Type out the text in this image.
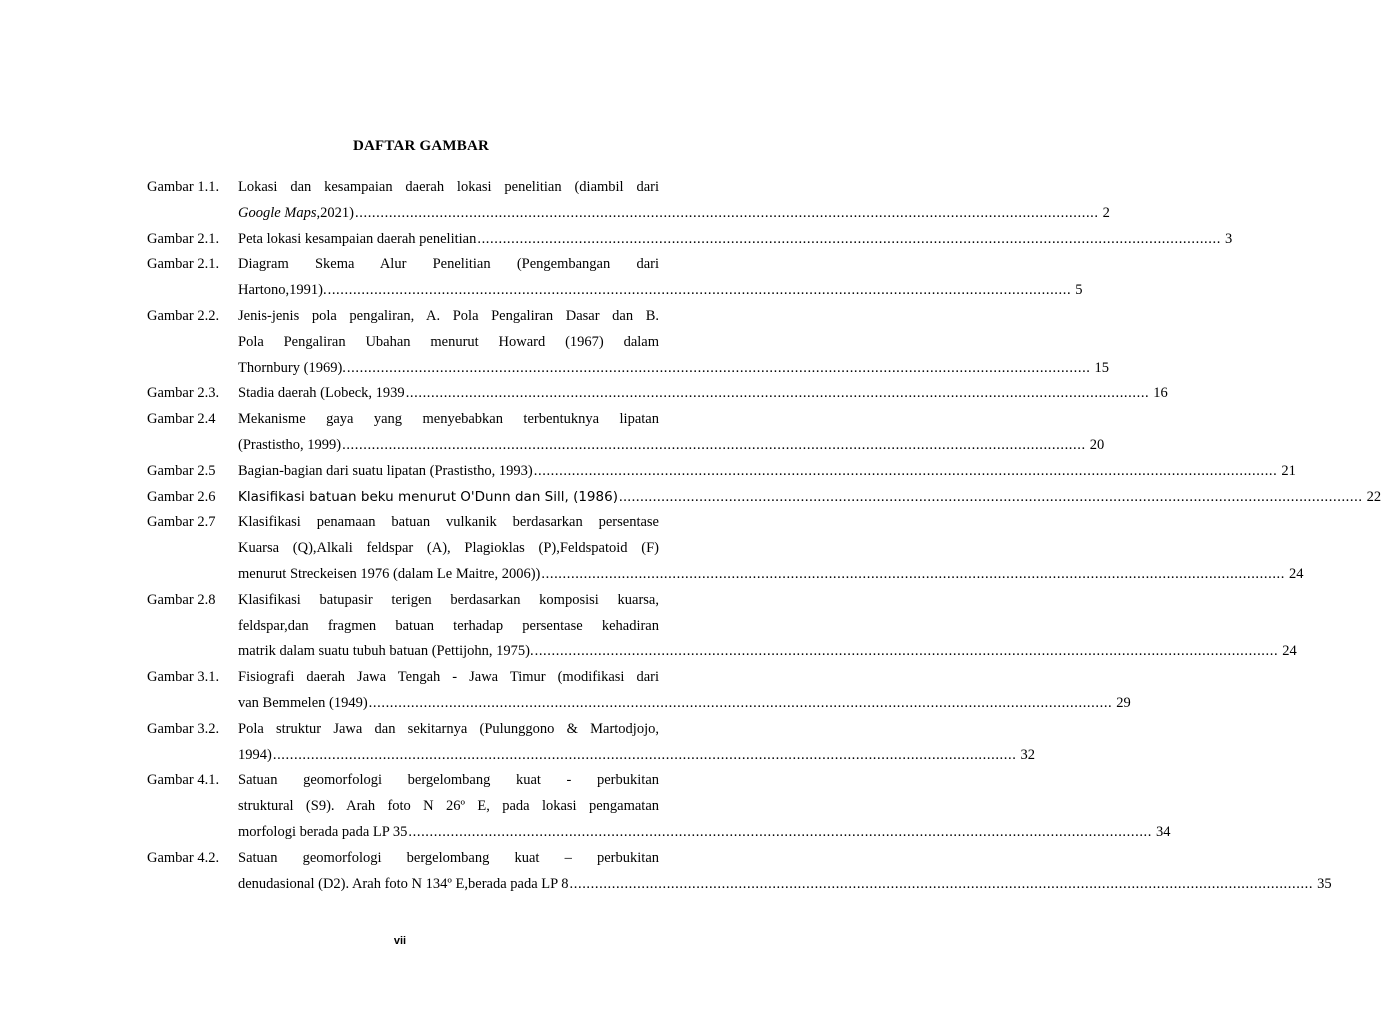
DAFTAR GAMBAR
Gambar 1.1.	Lokasi dan kesampaian daerah lokasi penelitian (diambil dari
Google Maps,2021) ................................................................................................................................................................................ 2
Gambar 2.1.	Peta lokasi kesampaian daerah penelitian ................................................................................................................................................................................ 3
Gambar 2.1.	Diagram Skema Alur Penelitian (Pengembangan dari
Hartono,1991). ................................................................................................................................................................................ 5
Gambar 2.2.	Jenis-jenis pola pengaliran, A. Pola Pengaliran Dasar dan B.
Pola Pengaliran Ubahan menurut Howard (1967) dalam
Thornbury (1969). ................................................................................................................................................................................ 15
Gambar 2.3.	Stadia daerah (Lobeck, 1939 ................................................................................................................................................................................ 16
Gambar 2.4	Mekanisme gaya yang menyebabkan terbentuknya lipatan
(Prastistho, 1999) ................................................................................................................................................................................ 20
Gambar 2.5	Bagian-bagian dari suatu lipatan (Prastistho, 1993) ................................................................................................................................................................................ 21
Gambar 2.6	Klasifikasi batuan beku menurut O'Dunn dan Sill, (1986) ................................................................................................................................................................................ 22
Gambar 2.7	Klasifikasi penamaan batuan vulkanik berdasarkan persentase
Kuarsa (Q),Alkali feldspar (A), Plagioklas (P),Feldspatoid (F)
menurut Streckeisen 1976 (dalam Le Maitre, 2006)) ................................................................................................................................................................................ 24
Gambar 2.8	Klasifikasi batupasir terigen berdasarkan komposisi kuarsa,
feldspar,dan fragmen batuan terhadap persentase kehadiran
matrik dalam suatu tubuh batuan (Pettijohn, 1975). ................................................................................................................................................................................ 24
Gambar 3.1.	Fisiografi daerah Jawa Tengah - Jawa Timur (modifikasi dari
van Bemmelen (1949) ................................................................................................................................................................................ 29
Gambar 3.2.	Pola struktur Jawa dan sekitarnya (Pulunggono & Martodjojo,
1994) ................................................................................................................................................................................ 32
Gambar 4.1.	Satuan geomorfologi bergelombang kuat - perbukitan
struktural (S9). Arah foto N 26º E, pada lokasi pengamatan
morfologi berada pada LP 35 ................................................................................................................................................................................ 34
Gambar 4.2.	Satuan geomorfologi bergelombang kuat – perbukitan
denudasional (D2). Arah foto N 134º E,berada pada LP 8 ................................................................................................................................................................................ 35
vii
